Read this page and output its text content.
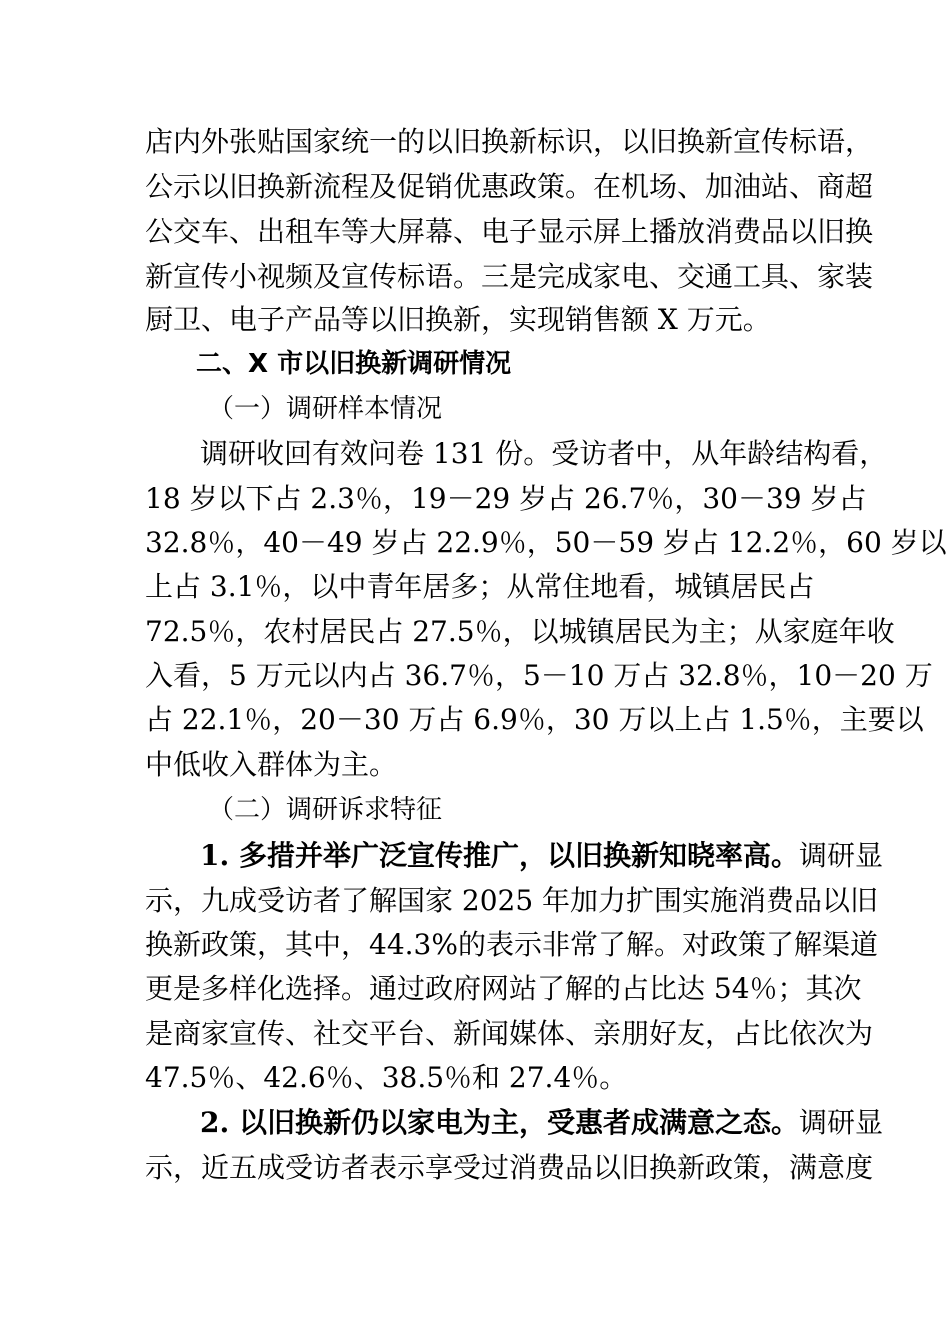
店内外张贴国家统一的以旧换新标识，以旧换新宣传标语，
公示以旧换新流程及促销优惠政策。在机场、加油站、商超
公交车、出租车等大屏幕、电子显示屏上播放消费品以旧换
新宣传小视频及宣传标语。三是完成家电、交通工具、家装
厨卫、电子产品等以旧换新，实现销售额 X 万元。
二、X 市以旧换新调研情况
（一）调研样本情况
调研收回有效问卷 131 份。受访者中，从年龄结构看，
18 岁以下占 2.3％，19－29 岁占 26.7％，30－39 岁占
32.8％，40－49 岁占 22.9％，50－59 岁占 12.2％，60 岁以
上占 3.1％，以中青年居多；从常住地看，城镇居民占
72.5％，农村居民占 27.5％，以城镇居民为主；从家庭年收
入看，5 万元以内占 36.7％，5－10 万占 32.8％，10－20 万
占 22.1％，20－30 万占 6.9％，30 万以上占 1.5％，主要以
中低收入群体为主。
（二）调研诉求特征
1. 多措并举广泛宣传推广，以旧换新知晓率高。调研显
示，九成受访者了解国家 2025 年加力扩围实施消费品以旧
换新政策，其中，44.3%的表示非常了解。对政策了解渠道
更是多样化选择。通过政府网站了解的占比达 54％；其次
是商家宣传、社交平台、新闻媒体、亲朋好友，占比依次为
47.5％、42.6％、38.5％和 27.4％。
2. 以旧换新仍以家电为主，受惠者成满意之态。调研显
示，近五成受访者表示享受过消费品以旧换新政策，满意度
